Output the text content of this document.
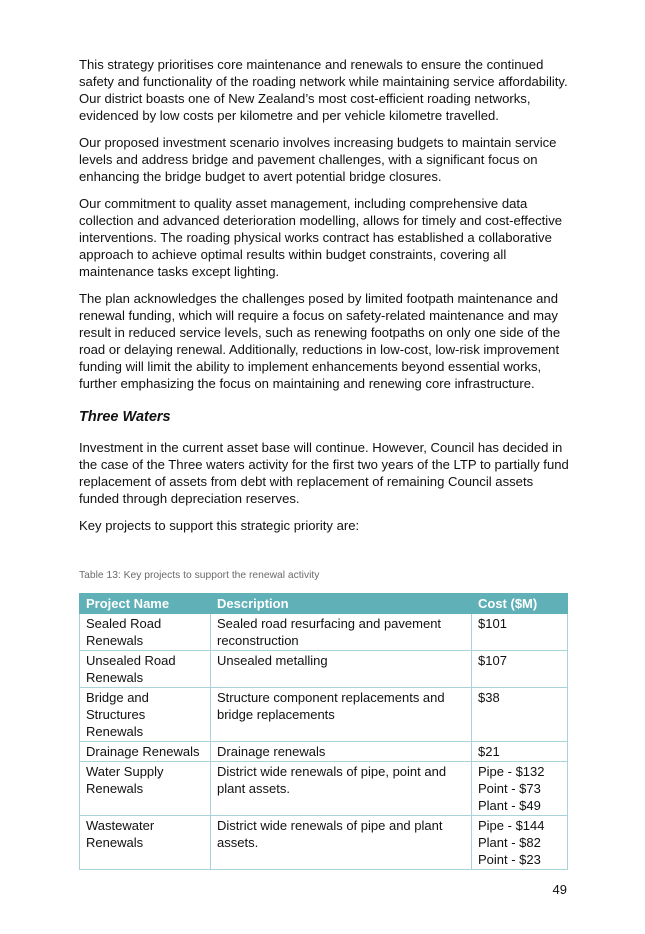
This strategy prioritises core maintenance and renewals to ensure the continued safety and functionality of the roading network while maintaining service affordability. Our district boasts one of New Zealand’s most cost-efficient roading networks, evidenced by low costs per kilometre and per vehicle kilometre travelled.

Our proposed investment scenario involves increasing budgets to maintain service levels and address bridge and pavement challenges, with a significant focus on enhancing the bridge budget to avert potential bridge closures.

Our commitment to quality asset management, including comprehensive data collection and advanced deterioration modelling, allows for timely and cost-effective interventions. The roading physical works contract has established a collaborative approach to achieve optimal results within budget constraints, covering all maintenance tasks except lighting.

The plan acknowledges the challenges posed by limited footpath maintenance and renewal funding, which will require a focus on safety-related maintenance and may result in reduced service levels, such as renewing footpaths on only one side of the road or delaying renewal. Additionally, reductions in low-cost, low-risk improvement funding will limit the ability to implement enhancements beyond essential works, further emphasizing the focus on maintaining and renewing core infrastructure.

Three Waters

Investment in the current asset base will continue. However, Council has decided in the case of the Three waters activity for the first two years of the LTP to partially fund replacement of assets from debt with replacement of remaining Council assets funded through depreciation reserves.

Key projects to support this strategic priority are:

Table 13: Key projects to support the renewal activity

Project Name	Description	Cost ($M)
Sealed Road Renewals	Sealed road resurfacing and pavement reconstruction	$101

Unsealed Road Renewals	Unsealed metalling	$107

Bridge and Structures Renewals	Structure component replacements and bridge replacements	$38

Drainage Renewals	Drainage renewals	$21

Water Supply Renewals	District wide renewals of pipe, point and plant assets.	Pipe - $132
Point - $73
Plant - $49

Wastewater Renewals	District wide renewals of pipe and plant assets.	Pipe - $144
Plant - $82
Point - $23

49
